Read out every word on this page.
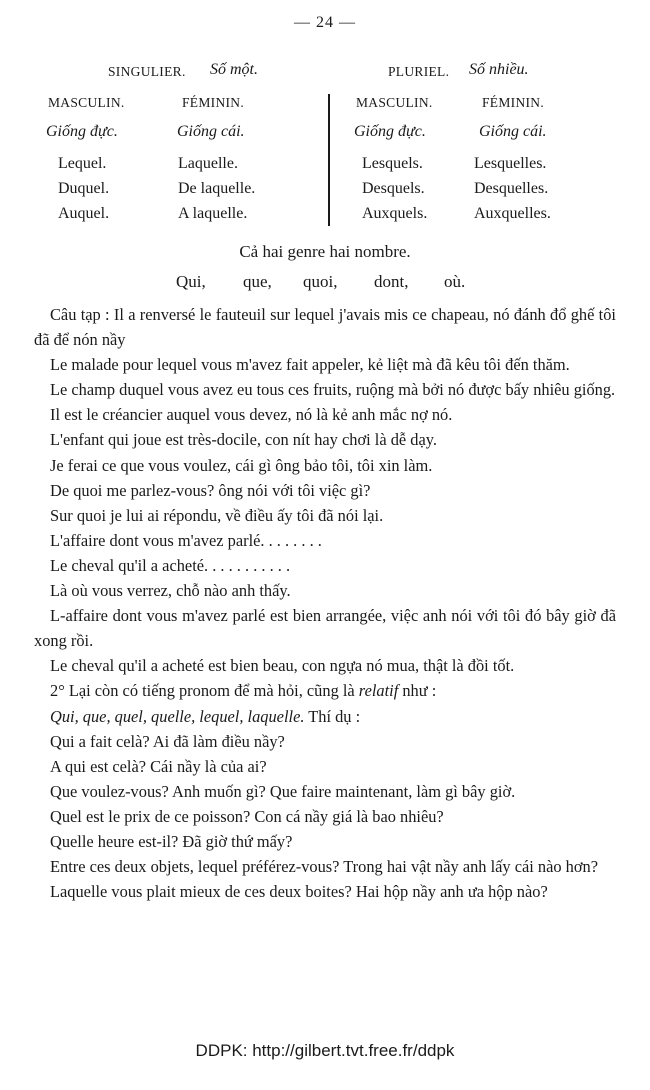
— 24 —
SINGULIER. Số một.	PLURIEL. Số nhiều.
MASCULIN.	FÉMININ.	MASCULIN.	FÉMININ.
Giống đực.	Giống cái.	Giống đực.	Giống cái.
Lequel.	Laquelle.	Lesquels.	Lesquelles.
Duquel.	De laquelle.	Desquels.	Desquelles.
Auquel.	A laquelle.	Auxquels.	Auxquelles.
Cả hai genre hai nombre.
Qui, que, quoi, dont, où.

Câu tạp : Il a renversé le fauteuil sur lequel j'avais mis ce chapeau, nó đánh đổ ghế tôi đã để nón nầy

Le malade pour lequel vous m'avez fait appeler, kẻ liệt mà đã kêu tôi đến thăm.

Le champ duquel vous avez eu tous ces fruits, ruộng mà bởi nó được bấy nhiêu giống.

Il est le créancier auquel vous devez, nó là kẻ anh mắc nợ nó.

L'enfant qui joue est très-docile, con nít hay chơi là dễ dạy.

Je ferai ce que vous voulez, cái gì ông bảo tôi, tôi xin làm.

De quoi me parlez-vous? ông nói với tôi việc gì?

Sur quoi je lui ai répondu, về điều ấy tôi đã nói lại.

L'affaire dont vous m'avez parlé. . . . . . . .

Le cheval qu'il a acheté. . . . . . . . . . .

Là où vous verrez, chỗ nào anh thấy.

L-affaire dont vous m'avez parlé est bien arrangée, việc anh nói với tôi đó bây giờ đã xong rồi.

Le cheval qu'il a acheté est bien beau, con ngựa nó mua, thật là đồi tốt.

2° Lại còn có tiếng pronom để mà hỏi, cũng là relatif như :

Qui, que, quel, quelle, lequel, laquelle. Thí dụ :

Qui a fait celà? Ai đã làm điều nầy?

A qui est celà? Cái nầy là của ai?

Que voulez-vous? Anh muốn gì? Que faire maintenant, làm gì bây giờ.

Quel est le prix de ce poisson? Con cá nầy giá là bao nhiêu?

Quelle heure est-il? Đã giờ thứ mấy?

Entre ces deux objets, lequel préférez-vous? Trong hai vật nầy anh lấy cái nào hơn?

Laquelle vous plait mieux de ces deux boites? Hai hộp nầy anh ưa hộp nào?

DDPK: http://gilbert.tvt.free.fr/ddpk
